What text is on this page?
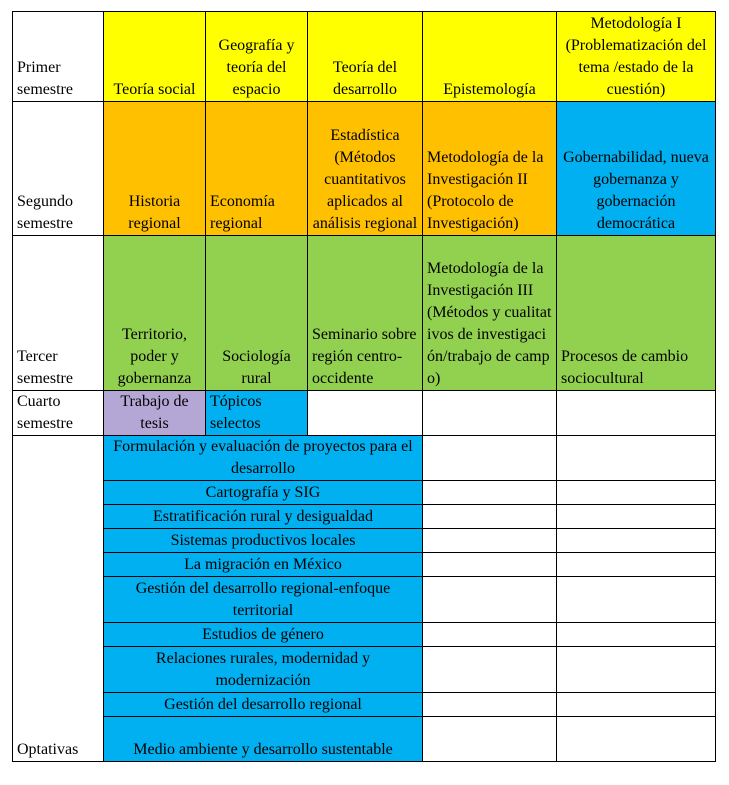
Primer semestre	Teoría social	Geografía y teoría del espacio	Teoría del desarrollo	Epistemología	Metodología I (Problematización del tema /estado de la cuestión)
Segundo semestre	Historia regional	Economía regional	Estadística (Métodos cuantitativos aplicados al análisis regional	Metodología de la Investigación II (Protocolo de Investigación)	Gobernabilidad, nueva gobernanza y gobernación democrática
Tercer semestre	Territorio, poder y gobernanza	Sociología rural	Seminario sobre región centro-occidente	Metodología de la Investigación III (Métodos y cualitativos de investigación/trabajo de campo)	Procesos de cambio sociocultural
Cuarto semestre	Trabajo de tesis	Tópicos selectos			
Optativas	Formulación y evaluación de proyectos para el desarrollo				
	Cartografía y SIG				
	Estratificación rural y desigualdad				
	Sistemas productivos locales				
	La migración en México				
	Gestión del desarrollo regional-enfoque territorial				
	Estudios de género				
	Relaciones rurales, modernidad y modernización				
	Gestión del desarrollo regional				
	Medio ambiente y desarrollo sustentable				
